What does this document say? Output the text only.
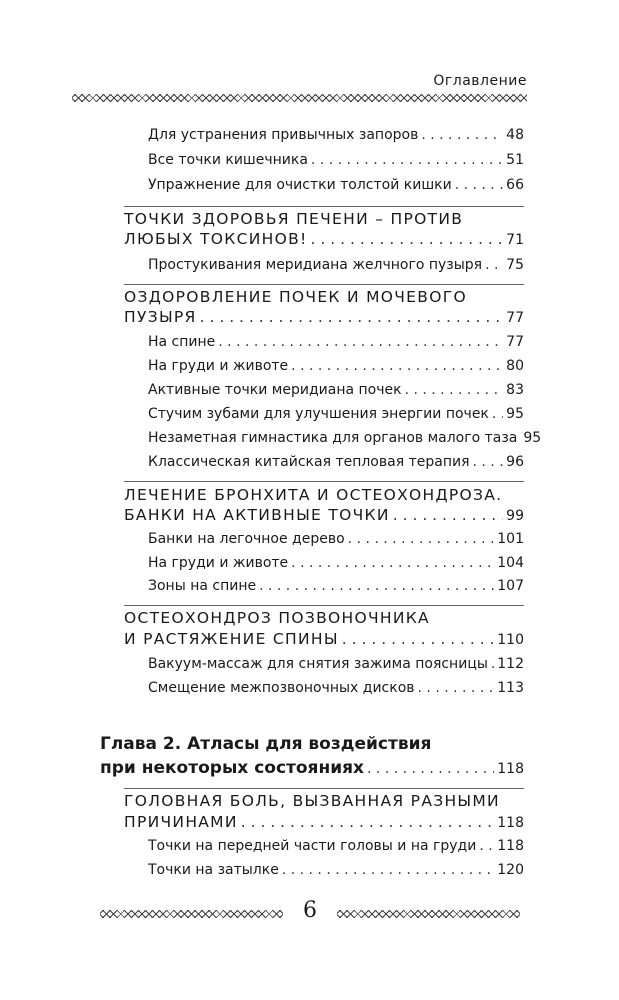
Оглавление
Для устранения привычных запоров . . .	48
Все точки кишечника . . .	51
Упражнение для очистки толстой кишки . . .	66
ТОЧКИ ЗДОРОВЬЯ ПЕЧЕНИ – ПРОТИВ
ЛЮБЫХ ТОКСИНОВ! . . .	71
Простукивания меридиана желчного пузыря . . . 75
ОЗДОРОВЛЕНИЕ ПОЧЕК И МОЧЕВОГО
ПУЗЫРЯ . . .	77
На спине . . .	77
На груди и животе . . .	80
Активные точки меридиана почек . . .	83
Стучим зубами для улучшения энергии почек . . . 95
Незаметная гимнастика для органов малого таза 95
Классическая китайская тепловая терапия . . .	96
ЛЕЧЕНИЕ БРОНХИТА И ОСТЕОХОНДРОЗА.
БАНКИ НА АКТИВНЫЕ ТОЧКИ . . .	99
Банки на легочное дерево . . .	101
На груди и животе . . .	104
Зоны на спине . . .	107
ОСТЕОХОНДРОЗ ПОЗВОНОЧНИКА
И РАСТЯЖЕНИЕ СПИНЫ . . .	110
Вакуум-массаж для снятия зажима поясницы . . . 112
Смещение межпозвоночных дисков . . .	113
Глава 2. Атласы для воздействия
при некоторых состояниях . . .	118
ГОЛОВНАЯ БОЛЬ, ВЫЗВАННАЯ РАЗНЫМИ
ПРИЧИНАМИ . . .	118
Точки на передней части головы и на груди . . . 118
Точки на затылке . . .	120
6
